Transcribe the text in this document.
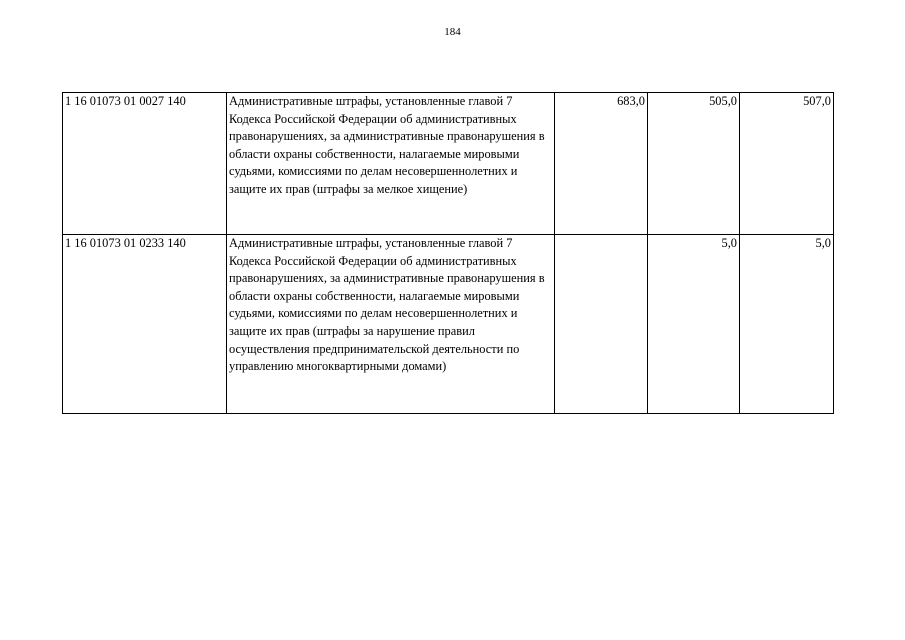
184
1 16 01073 01 0027 140	Административные штрафы, установленные главой 7 Кодекса Российской Федерации об административных правонарушениях, за административные правонарушения в области охраны собственности, налагаемые мировыми судьями, комиссиями по делам несовершеннолетних и защите их прав (штрафы за мелкое хищение)	683,0	505,0	507,0
1 16 01073 01 0233 140	Административные штрафы, установленные главой 7 Кодекса Российской Федерации об административных правонарушениях, за административные правонарушения в области охраны собственности, налагаемые мировыми судьями, комиссиями по делам несовершеннолетних и защите их прав (штрафы за нарушение правил осуществления предпринимательской деятельности по управлению многоквартирными домами)		5,0	5,0
